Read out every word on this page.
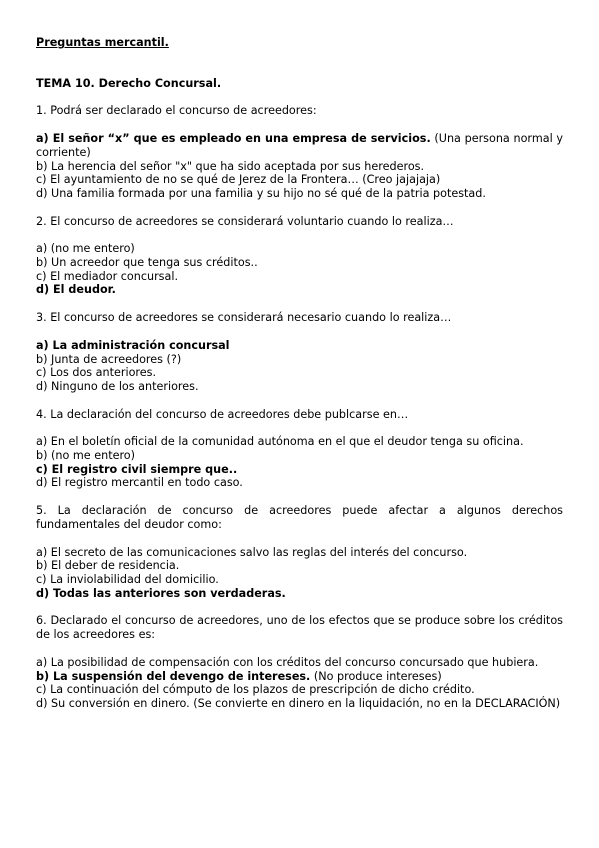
Preguntas mercantil.
TEMA 10. Derecho Concursal.

1. Podrá ser declarado el concurso de acreedores:

a) El señor “x” que es empleado en una empresa de servicios. (Una persona normal y corriente)

b) La herencia del señor "x" que ha sido aceptada por sus herederos.

c) El ayuntamiento de no se qué de Jerez de la Frontera… (Creo jajajaja)

d) Una familia formada por una familia y su hijo no sé qué de la patria potestad.

2. El concurso de acreedores se considerará voluntario cuando lo realiza…

a) (no me entero)

b) Un acreedor que tenga sus créditos..

c) El mediador concursal.

d) El deudor.

3. El concurso de acreedores se considerará necesario cuando lo realiza…

a) La administración concursal

b) Junta de acreedores (?)

c) Los dos anteriores.

d) Ninguno de los anteriores.

4. La declaración del concurso de acreedores debe publcarse en…

a) En el boletín oficial de la comunidad autónoma en el que el deudor tenga su oficina.

b) (no me entero)

c) El registro civil siempre que..

d) El registro mercantil en todo caso.

5. La declaración de concurso de acreedores puede afectar a algunos derechos fundamentales del deudor como:

a) El secreto de las comunicaciones salvo las reglas del interés del concurso.

b) El deber de residencia.

c) La inviolabilidad del domicilio.

d) Todas las anteriores son verdaderas.

6. Declarado el concurso de acreedores, uno de los efectos que se produce sobre los créditos de los acreedores es:

a) La posibilidad de compensación con los créditos del concurso concursado que hubiera.

b) La suspensión del devengo de intereses. (No produce intereses)

c) La continuación del cómputo de los plazos de prescripción de dicho crédito.

d) Su conversión en dinero. (Se convierte en dinero en la liquidación, no en la DECLARACIÓN)
